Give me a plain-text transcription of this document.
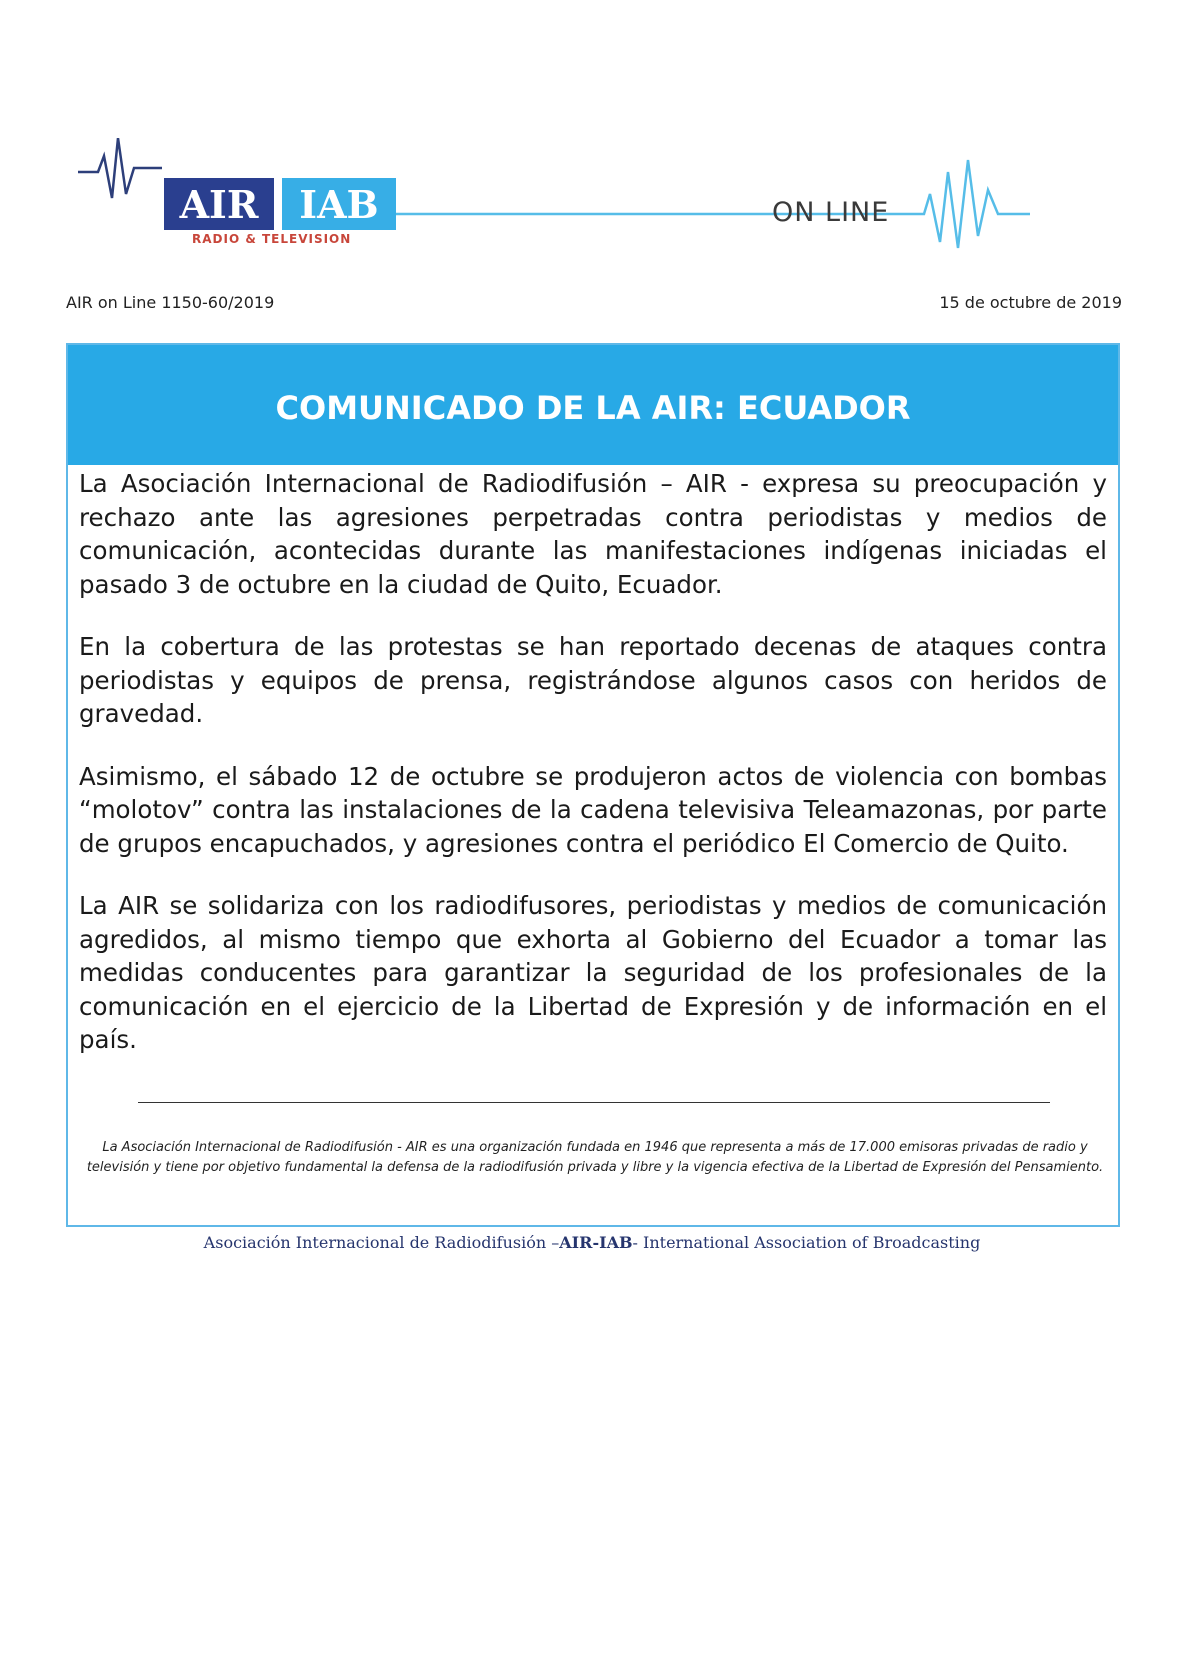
AIR	IAB
RADIO & TELEVISION
ON LINE
AIR on Line 1150-60/2019	15 de octubre de 2019
COMUNICADO DE LA AIR: ECUADOR

La Asociación Internacional de Radiodifusión – AIR - expresa su preocupación y rechazo ante las agresiones perpetradas contra periodistas y medios de comunicación, acontecidas durante las manifestaciones indígenas iniciadas el pasado 3 de octubre en la ciudad de Quito, Ecuador.

En la cobertura de las protestas se han reportado decenas de ataques contra periodistas y equipos de prensa, registrándose algunos casos con heridos de gravedad.

Asimismo, el sábado 12 de octubre se produjeron actos de violencia con bombas “molotov” contra las instalaciones de la cadena televisiva Teleamazonas, por parte de grupos encapuchados, y agresiones contra el periódico El Comercio de Quito.

La AIR se solidariza con los radiodifusores, periodistas y medios de comunicación agredidos, al mismo tiempo que exhorta al Gobierno del Ecuador a tomar las medidas conducentes para garantizar la seguridad de los profesionales de la comunicación en el ejercicio de la Libertad de Expresión y de información en el país.

La Asociación Internacional de Radiodifusión - AIR es una organización fundada en 1946 que representa a más de 17.000 emisoras privadas de radio y televisión y tiene por objetivo fundamental la defensa de la radiodifusión privada y libre y la vigencia efectiva de la Libertad de Expresión del Pensamiento.
Asociación Internacional de Radiodifusión –AIR-IAB- International Association of Broadcasting
